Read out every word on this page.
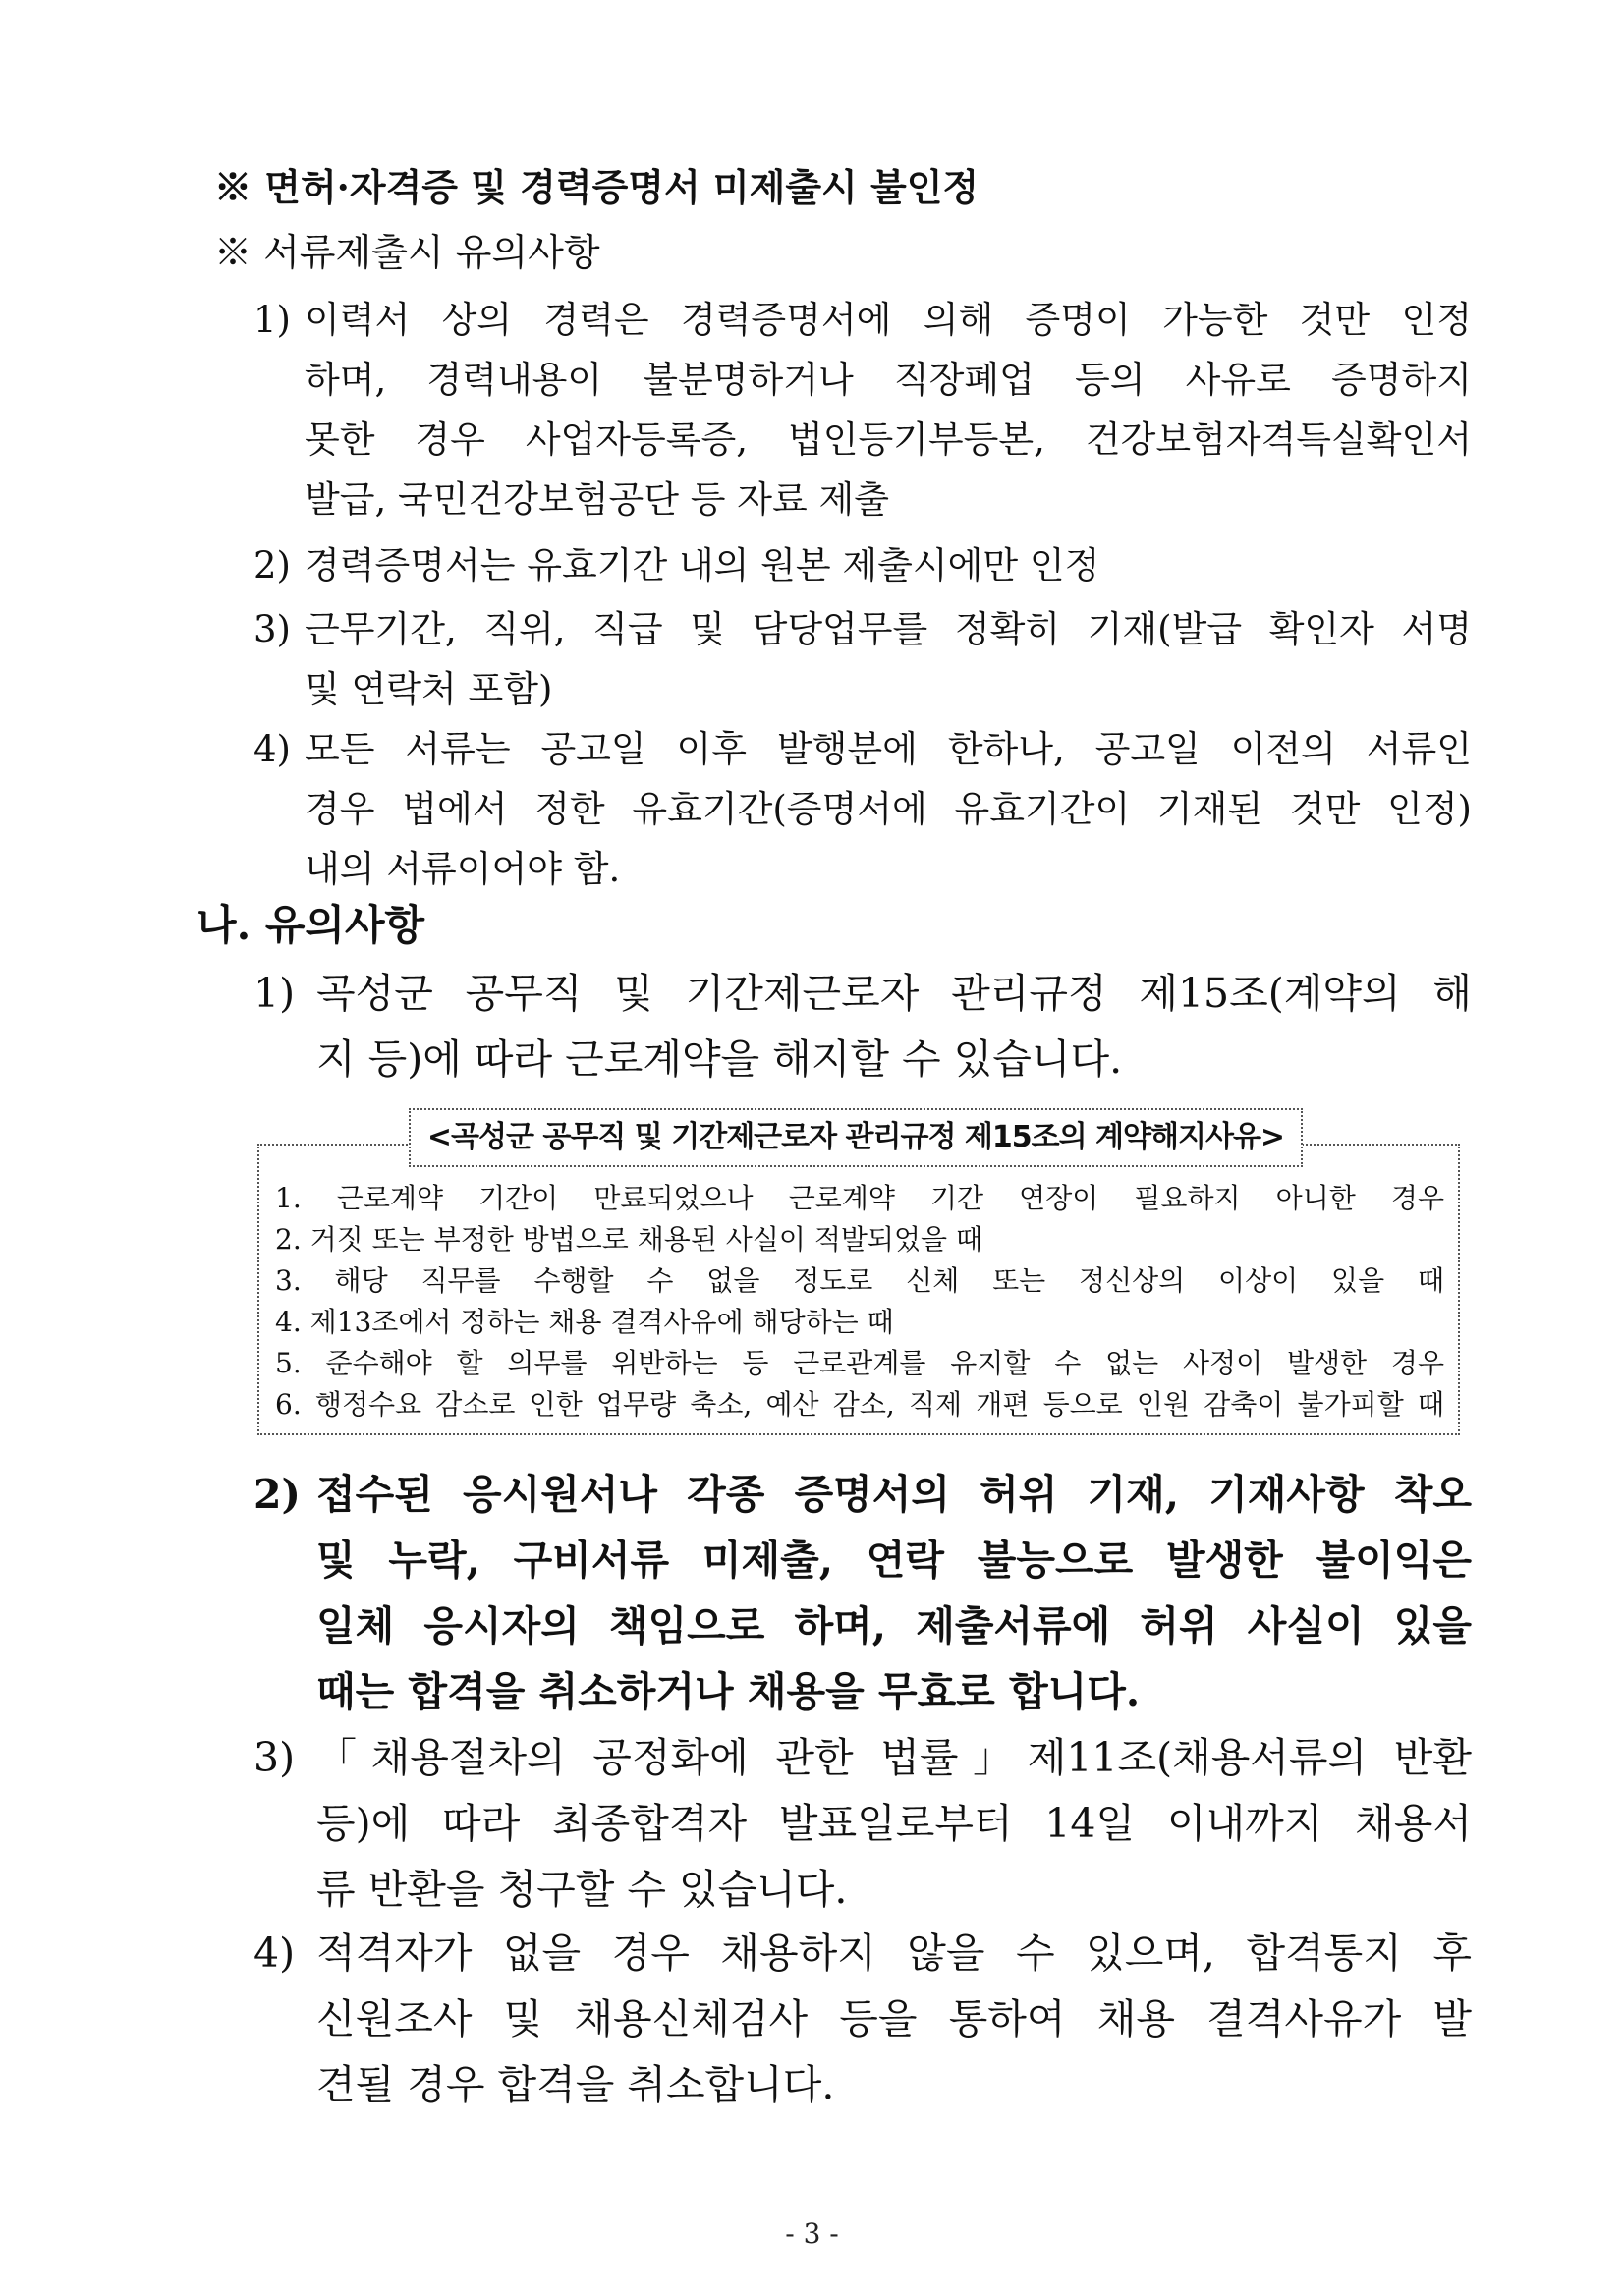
※ 면허·자격증 및 경력증명서 미제출시 불인정
※ 서류제출시 유의사항
1) 이력서 상의 경력은 경력증명서에 의해 증명이 가능한 것만 인정
하며, 경력내용이 불분명하거나 직장폐업 등의 사유로 증명하지
못한 경우 사업자등록증, 법인등기부등본, 건강보험자격득실확인서
발급, 국민건강보험공단 등 자료 제출
2) 경력증명서는 유효기간 내의 원본 제출시에만 인정
3) 근무기간, 직위, 직급 및 담당업무를 정확히 기재(발급 확인자 서명
및 연락처 포함)
4) 모든 서류는 공고일 이후 발행분에 한하나, 공고일 이전의 서류인
경우 법에서 정한 유효기간(증명서에 유효기간이 기재된 것만 인정)
내의 서류이어야 함.
나. 유의사항
1) 곡성군 공무직 및 기간제근로자 관리규정 제15조(계약의 해
지 등)에 따라 근로계약을 해지할 수 있습니다.
<곡성군 공무직 및 기간제근로자 관리규정 제15조의 계약해지사유>
1. 근로계약 기간이 만료되었으나 근로계약 기간 연장이 필요하지 아니한 경우
2. 거짓 또는 부정한 방법으로 채용된 사실이 적발되었을 때
3. 해당 직무를 수행할 수 없을 정도로 신체 또는 정신상의 이상이 있을 때
4. 제13조에서 정하는 채용 결격사유에 해당하는 때
5. 준수해야 할 의무를 위반하는 등 근로관계를 유지할 수 없는 사정이 발생한 경우
6. 행정수요 감소로 인한 업무량 축소, 예산 감소, 직제 개편 등으로 인원 감축이 불가피할 때
2) 접수된 응시원서나 각종 증명서의 허위 기재, 기재사항 착오
및 누락, 구비서류 미제출, 연락 불능으로 발생한 불이익은
일체 응시자의 책임으로 하며, 제출서류에 허위 사실이 있을
때는 합격을 취소하거나 채용을 무효로 합니다.
3) 「채용절차의 공정화에 관한 법률」제11조(채용서류의 반환
등)에 따라 최종합격자 발표일로부터 14일 이내까지 채용서
류 반환을 청구할 수 있습니다.
4) 적격자가 없을 경우 채용하지 않을 수 있으며, 합격통지 후
신원조사 및 채용신체검사 등을 통하여 채용 결격사유가 발
견될 경우 합격을 취소합니다.
- 3 -
